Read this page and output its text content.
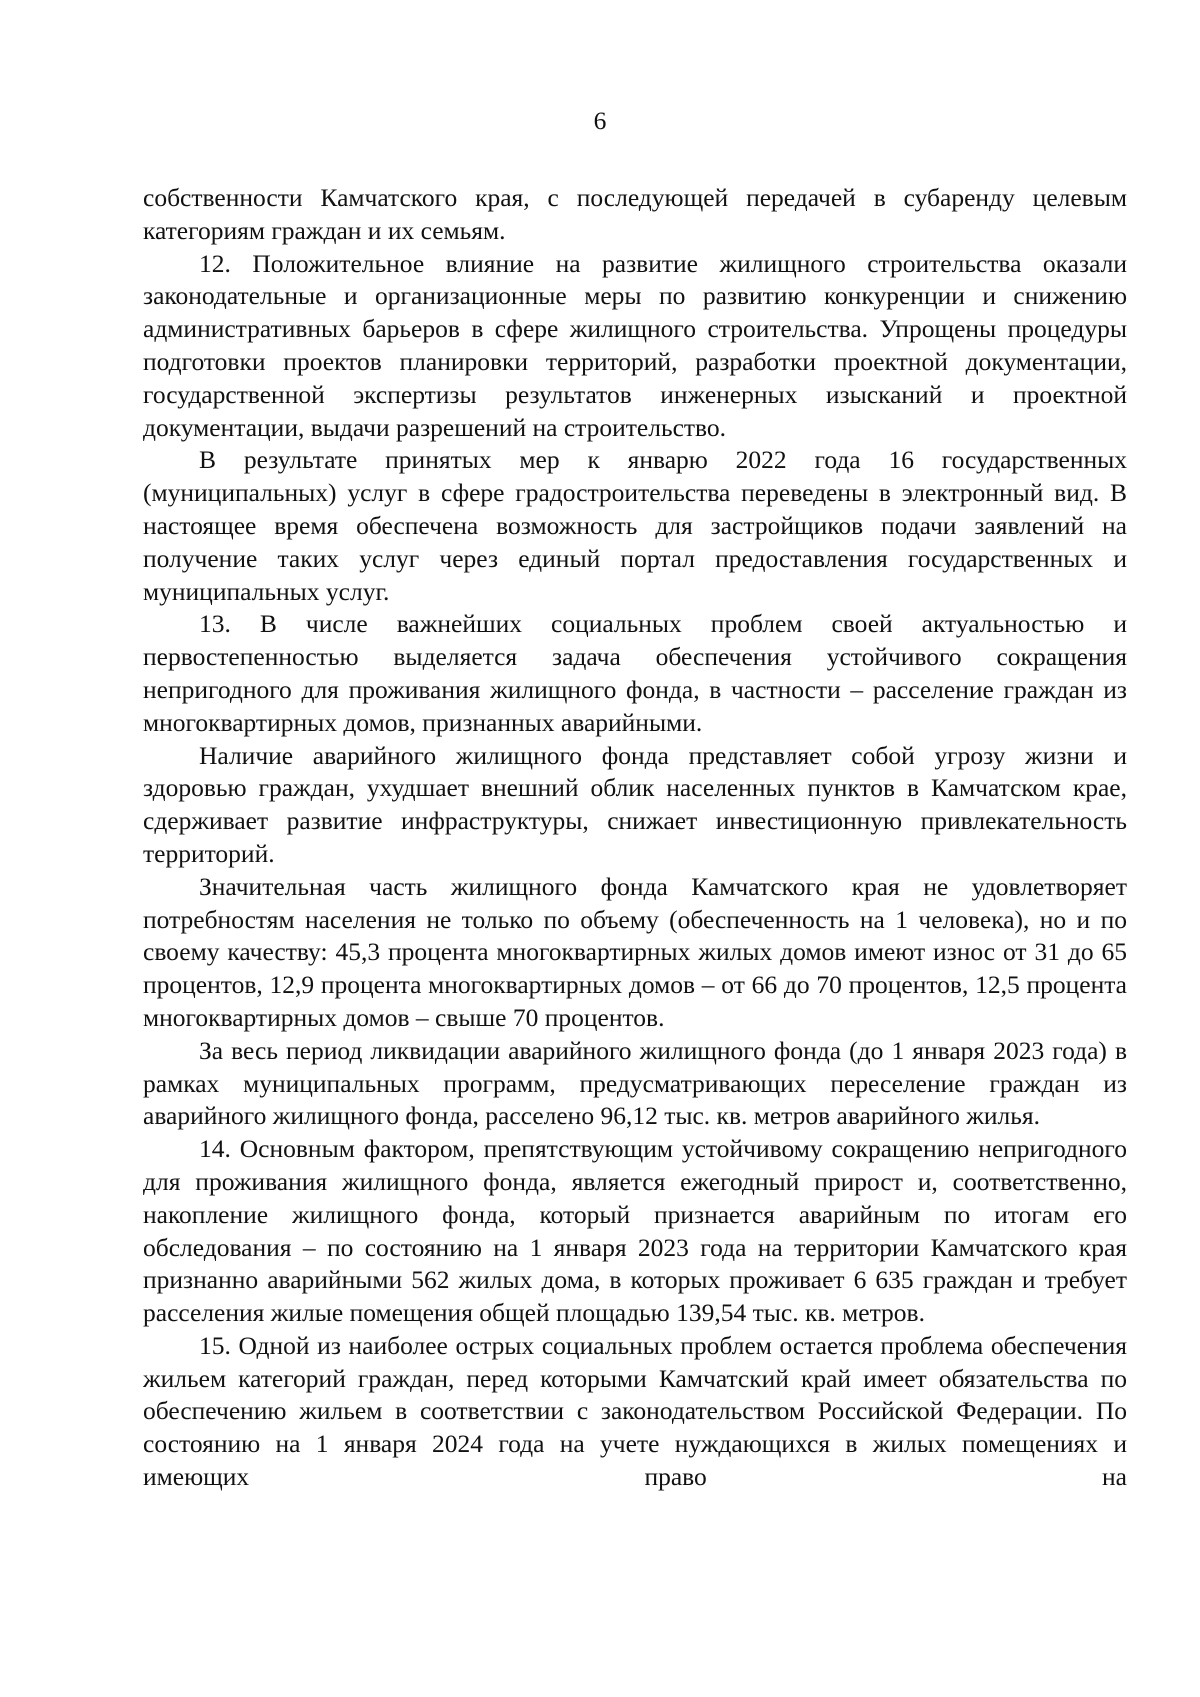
6

собственности Камчатского края, с последующей передачей в субаренду целевым категориям граждан и их семьям.

12. Положительное влияние на развитие жилищного строительства оказали законодательные и организационные меры по развитию конкуренции и снижению административных барьеров в сфере жилищного строительства. Упрощены процедуры подготовки проектов планировки территорий, разработки проектной документации, государственной экспертизы результатов инженерных изысканий и проектной документации, выдачи разрешений на строительство.

В результате принятых мер к январю 2022 года 16 государственных (муниципальных) услуг в сфере градостроительства переведены в электронный вид. В настоящее время обеспечена возможность для застройщиков подачи заявлений на получение таких услуг через единый портал предоставления государственных и муниципальных услуг.

13. В числе важнейших социальных проблем своей актуальностью и первостепенностью выделяется задача обеспечения устойчивого сокращения непригодного для проживания жилищного фонда, в частности – расселение граждан из многоквартирных домов, признанных аварийными.

Наличие аварийного жилищного фонда представляет собой угрозу жизни и здоровью граждан, ухудшает внешний облик населенных пунктов в Камчатском крае, сдерживает развитие инфраструктуры, снижает инвестиционную привлекательность территорий.

Значительная часть жилищного фонда Камчатского края не удовлетворяет потребностям населения не только по объему (обеспеченность на 1 человека), но и по своему качеству: 45,3 процента многоквартирных жилых домов имеют износ от 31 до 65 процентов, 12,9 процента многоквартирных домов – от 66 до 70 процентов, 12,5 процента многоквартирных домов – свыше 70 процентов.

За весь период ликвидации аварийного жилищного фонда (до 1 января 2023 года) в рамках муниципальных программ, предусматривающих переселение граждан из аварийного жилищного фонда, расселено 96,12 тыс. кв. метров аварийного жилья.

14. Основным фактором, препятствующим устойчивому сокращению непригодного для проживания жилищного фонда, является ежегодный прирост и, соответственно, накопление жилищного фонда, который признается аварийным по итогам его обследования – по состоянию на 1 января 2023 года на территории Камчатского края признанно аварийными 562 жилых дома, в которых проживает 6 635 граждан и требует расселения жилые помещения общей площадью 139,54 тыс. кв. метров.

15. Одной из наиболее острых социальных проблем остается проблема обеспечения жильем категорий граждан, перед которыми Камчатский край имеет обязательства по обеспечению жильем в соответствии с законодательством Российской Федерации. По состоянию на 1 января 2024 года на учете нуждающихся в жилых помещениях и имеющих право на
